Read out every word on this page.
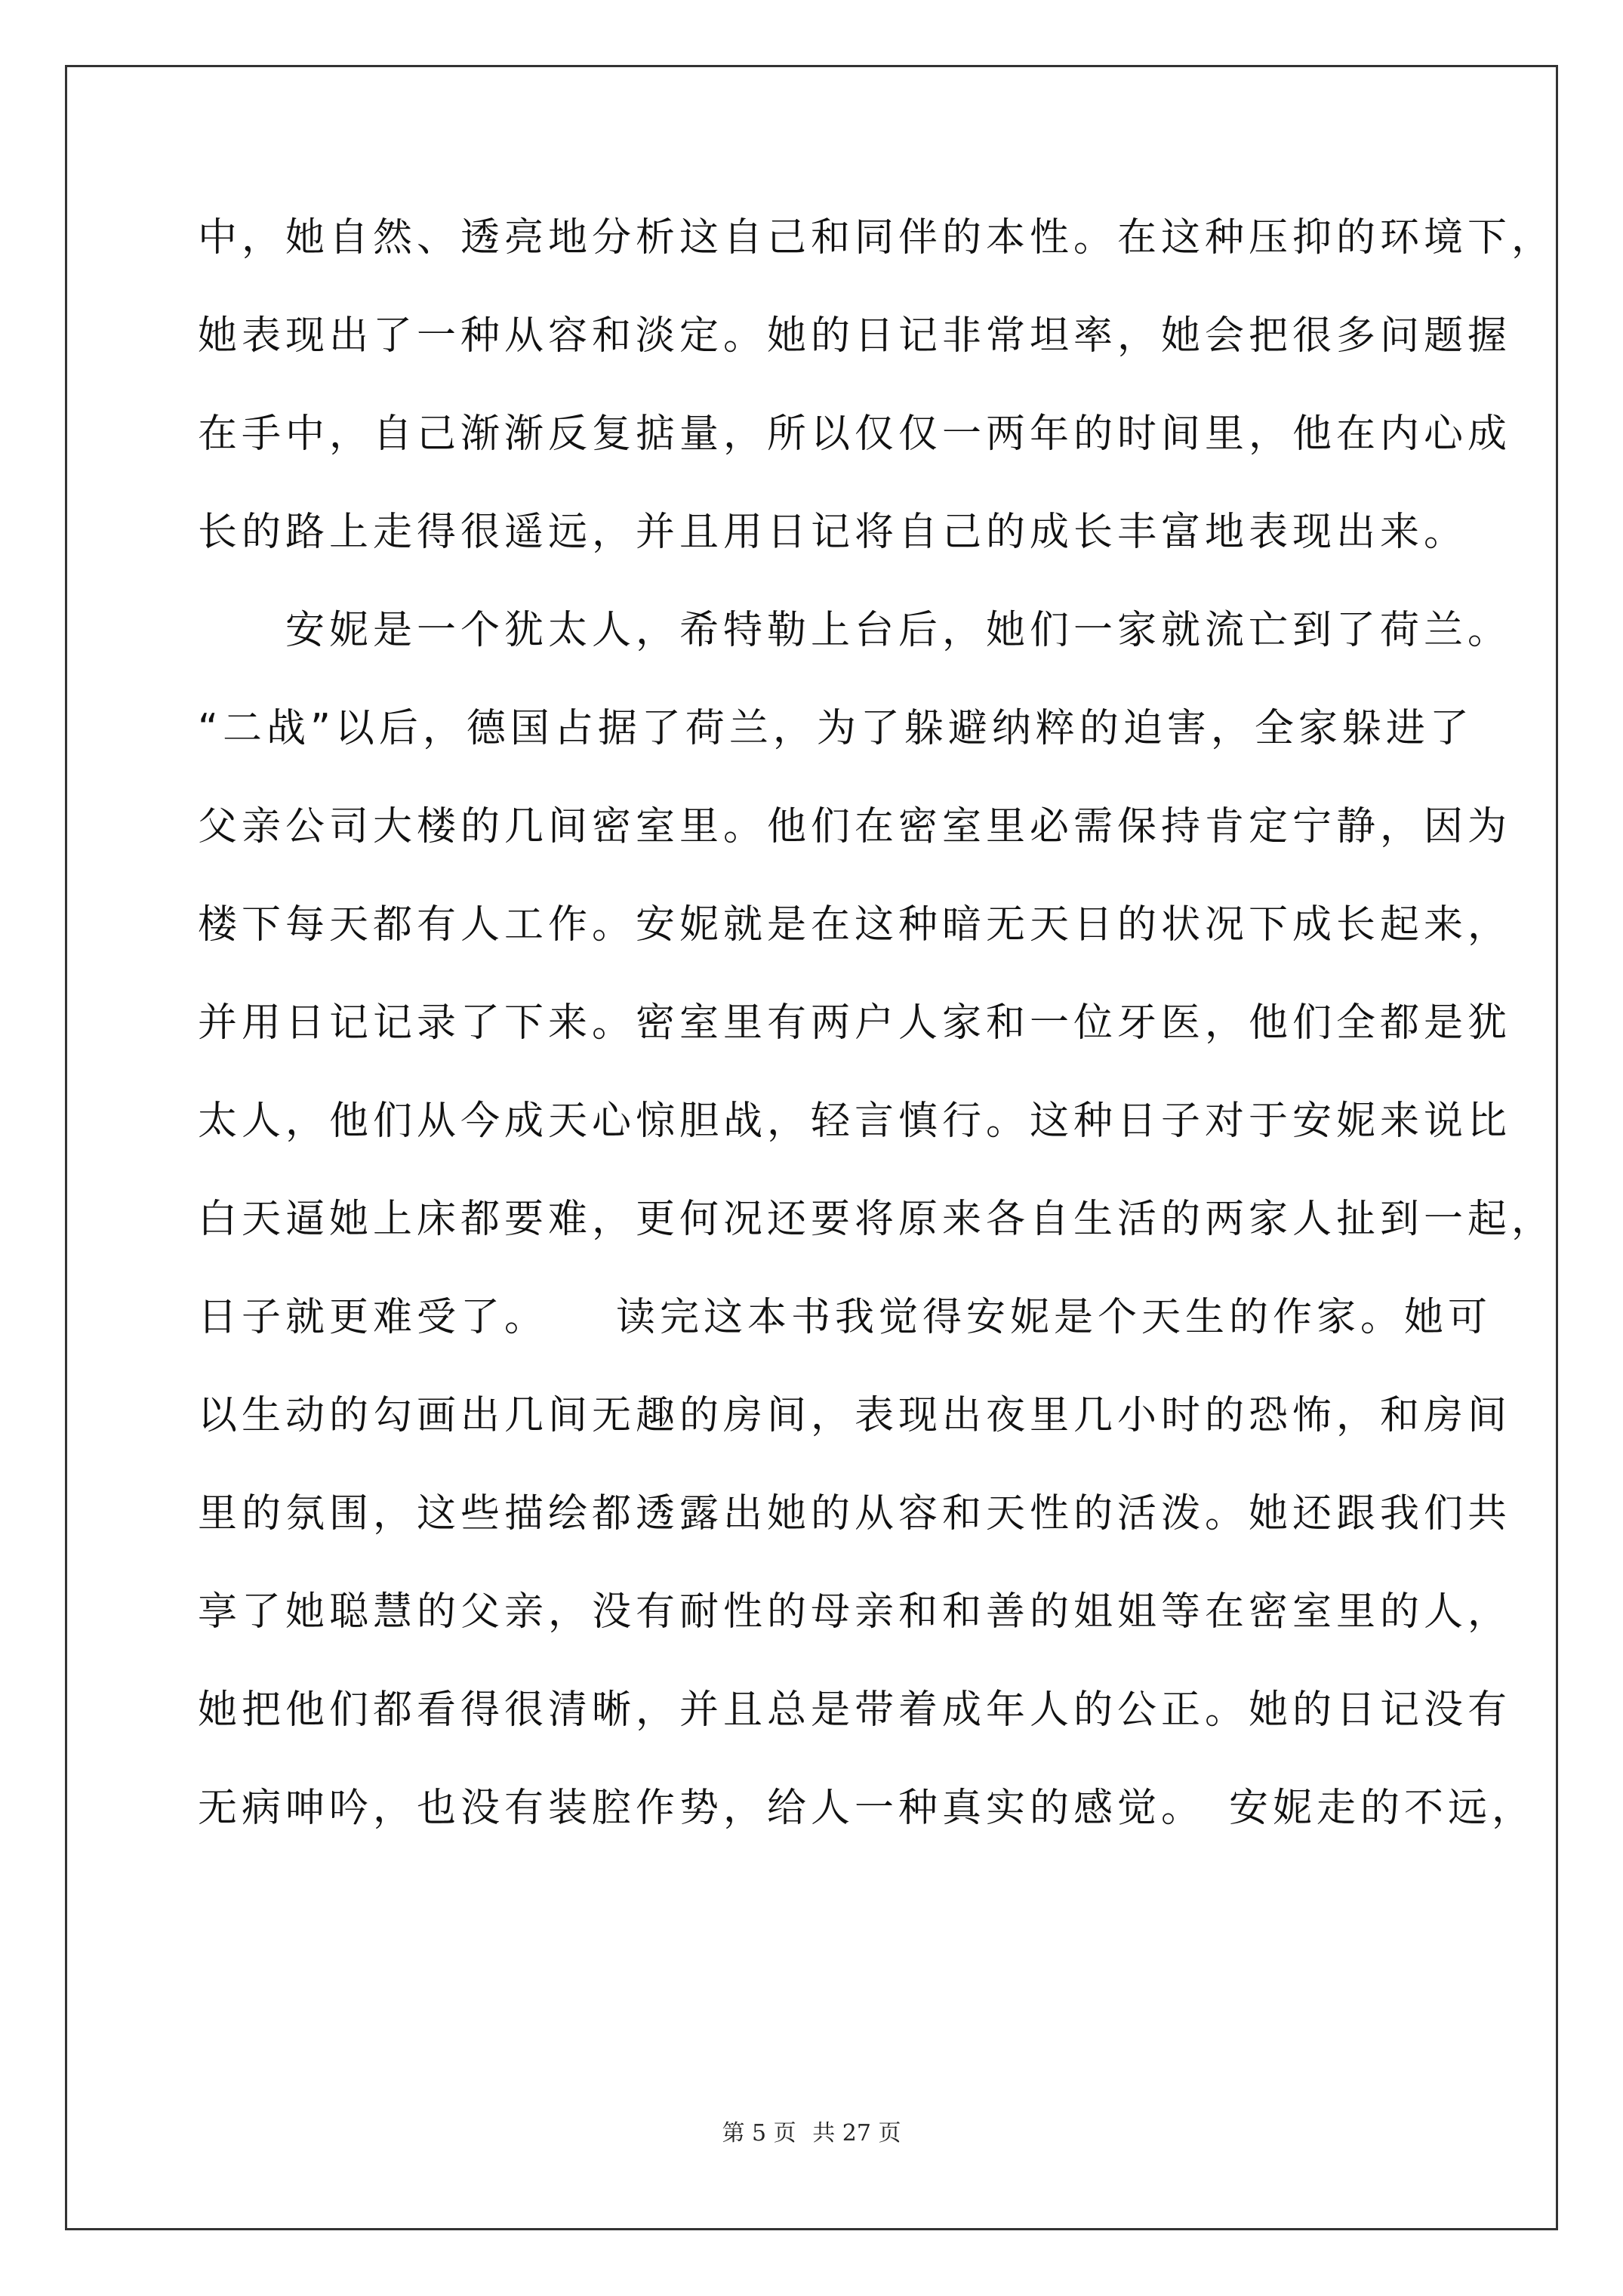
中，她自然、透亮地分析这自己和同伴的本性。在这种压抑的环境下，
她表现出了一种从容和淡定。她的日记非常坦率，她会把很多问题握
在手中，自己渐渐反复掂量，所以仅仅一两年的时间里，他在内心成
长的路上走得很遥远，并且用日记将自己的成长丰富地表现出来。
　　安妮是一个犹太人，希特勒上台后，她们一家就流亡到了荷兰。
“二战”以后，德国占据了荷兰，为了躲避纳粹的迫害，全家躲进了
父亲公司大楼的几间密室里。他们在密室里必需保持肯定宁静，因为
楼下每天都有人工作。安妮就是在这种暗无天日的状况下成长起来，
并用日记记录了下来。密室里有两户人家和一位牙医，他们全都是犹
太人，他们从今成天心惊胆战，轻言慎行。这种日子对于安妮来说比
白天逼她上床都要难，更何况还要将原来各自生活的两家人扯到一起，
日子就更难受了。　　读完这本书我觉得安妮是个天生的作家。她可
以生动的勾画出几间无趣的房间，表现出夜里几小时的恐怖，和房间
里的氛围，这些描绘都透露出她的从容和天性的活泼。她还跟我们共
享了她聪慧的父亲，没有耐性的母亲和和善的姐姐等在密室里的人，
她把他们都看得很清晰，并且总是带着成年人的公正。她的日记没有
无病呻吟，也没有装腔作势，给人一种真实的感觉。　安妮走的不远，
第 5 页 共 27 页
